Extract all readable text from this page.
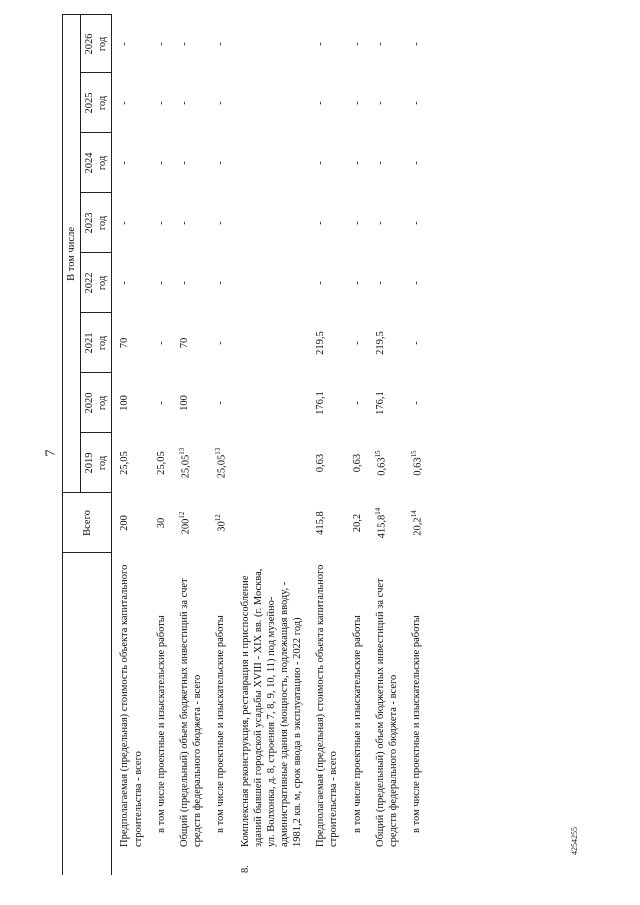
7
4254255
		Всего	В том числе							

			2019 год	2020 год	2021 год	2022 год	2023 год	2024 год	2025 год	2026 год

	Предполагаемая (предельная) стоимость объекта капитального строительства - всего	200	25,05	100	70	-	-	-	-	-
	в том числе проектные и изыскательские работы	30	25,05	-	-	-	-	-	-	-
	Общий (предельный) объем бюджетных инвестиций за счет средств федерального бюджета - всего	$200^{12}$	25,05$^{13}$	100	70	-	-	-	-	-
	в том числе проектные и изыскательские работы	$30^{12}$	25,05$^{13}$	-	-	-	-	-	-	-
8.	Комплексная реконструкция, реставрация и приспособление зданий бывшей городской усадьбы XVIII - XIX вв. (г. Москва, ул. Волхонка, д. 8, строения 7, 8, 9, 10, 11) под музейно-административные здания (мощность, подлежащая вводу, - 1981,2 кв. м, срок ввода в эксплуатацию - 2022 год)									
	Предполагаемая (предельная) стоимость объекта капитального строительства - всего	415,8	0,63	176,1	219,5	-	-	-	-	-
	в том числе проектные и изыскательские работы	20,2	0,63	-	-	-	-	-	-	-
	Общий (предельный) объем бюджетных инвестиций за счет средств федерального бюджета - всего	415,8$^{14}$	0,63$^{15}$	176,1	219,5	-	-	-	-	-
	в том числе проектные и изыскательские работы	20,2$^{14}$	0,63$^{15}$	-	-	-	-	-	-	-
